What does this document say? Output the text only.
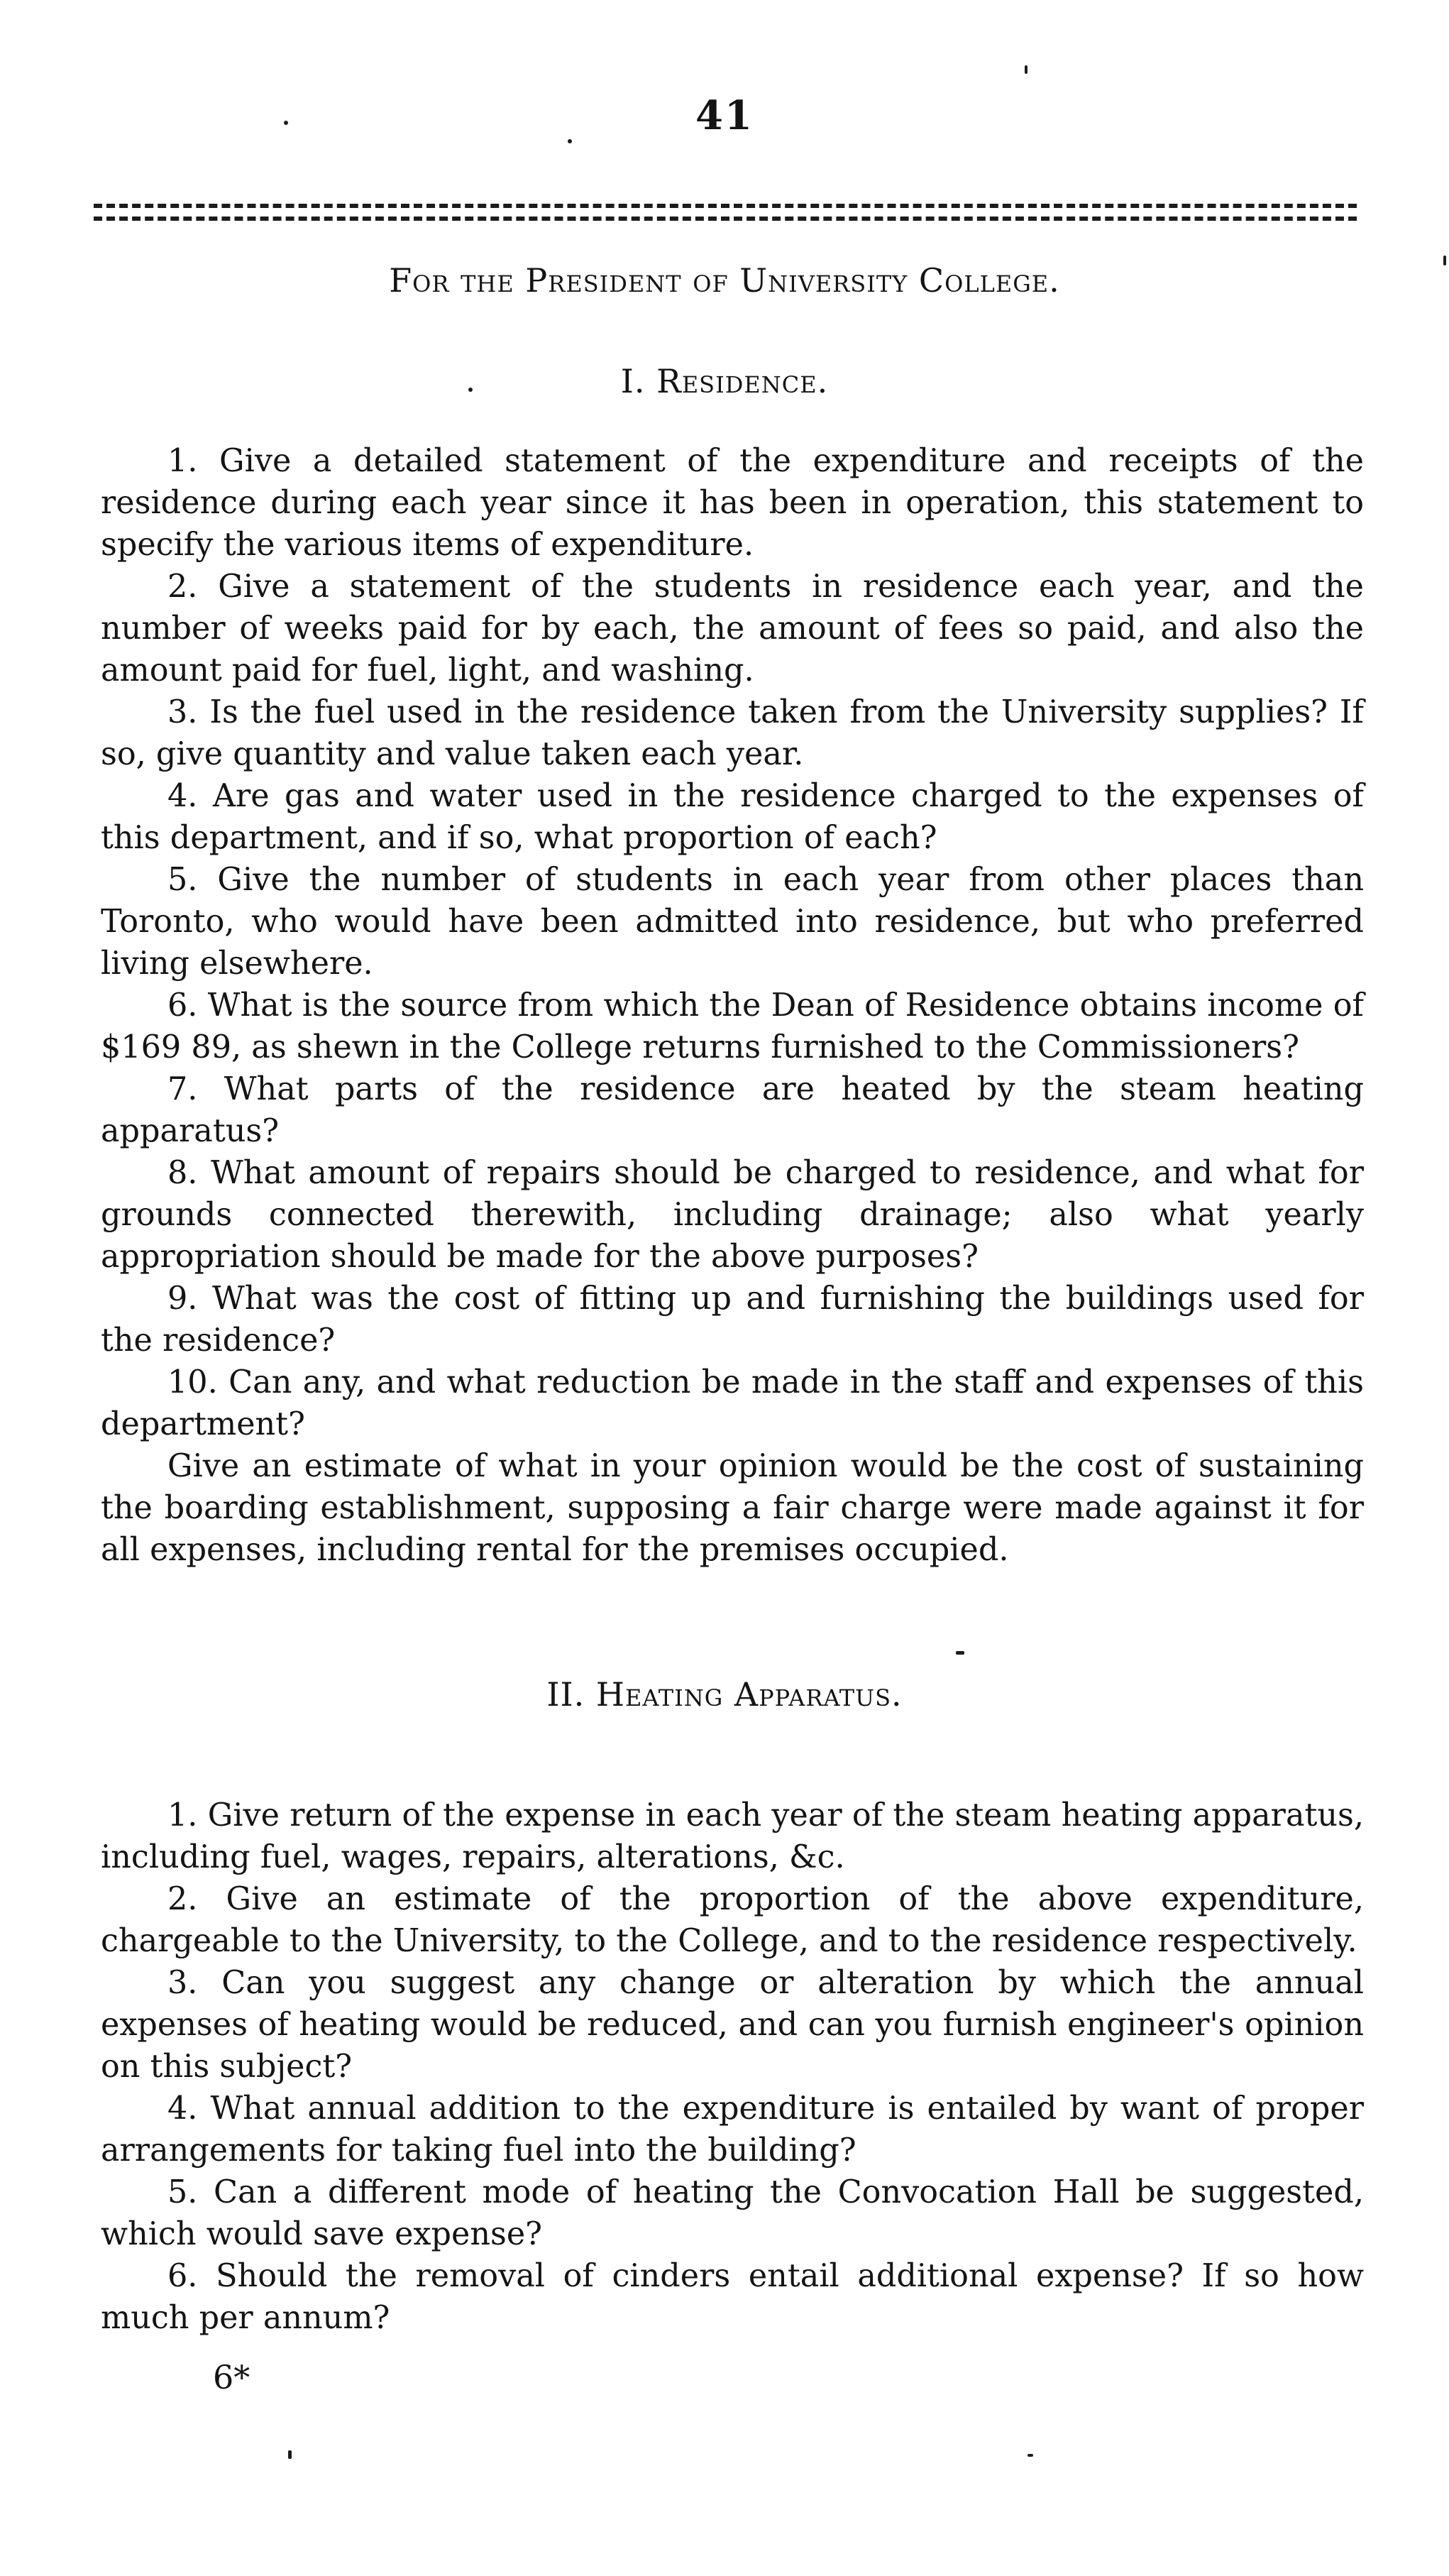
41
For the President of University College.
I. Residence.

1. Give a detailed statement of the expenditure and receipts of the residence during each year since it has been in operation, this statement to specify the various items of expenditure.

2. Give a statement of the students in residence each year, and the number of weeks paid for by each, the amount of fees so paid, and also the amount paid for fuel, light, and washing.

3. Is the fuel used in the residence taken from the University supplies? If so, give quantity and value taken each year.

4. Are gas and water used in the residence charged to the expenses of this department, and if so, what proportion of each?

5. Give the number of students in each year from other places than Toronto, who would have been admitted into residence, but who preferred living elsewhere.

6. What is the source from which the Dean of Residence obtains income of $169 89, as shewn in the College returns furnished to the Commissioners?

7. What parts of the residence are heated by the steam heating apparatus?

8. What amount of repairs should be charged to residence, and what for grounds connected therewith, including drainage; also what yearly appropriation should be made for the above purposes?

9. What was the cost of fitting up and furnishing the buildings used for the residence?

10. Can any, and what reduction be made in the staff and expenses of this department?

Give an estimate of what in your opinion would be the cost of sustaining the boarding establishment, supposing a fair charge were made against it for all expenses, including rental for the premises occupied.

II. Heating Apparatus.

1. Give return of the expense in each year of the steam heating apparatus, including fuel, wages, repairs, alterations, &c.

2. Give an estimate of the proportion of the above expenditure, chargeable to the University, to the College, and to the residence respectively.

3. Can you suggest any change or alteration by which the annual expenses of heating would be reduced, and can you furnish engineer's opinion on this subject?

4. What annual addition to the expenditure is entailed by want of proper arrangements for taking fuel into the building?

5. Can a different mode of heating the Convocation Hall be suggested, which would save expense?

6. Should the removal of cinders entail additional expense? If so how much per annum?

6*
